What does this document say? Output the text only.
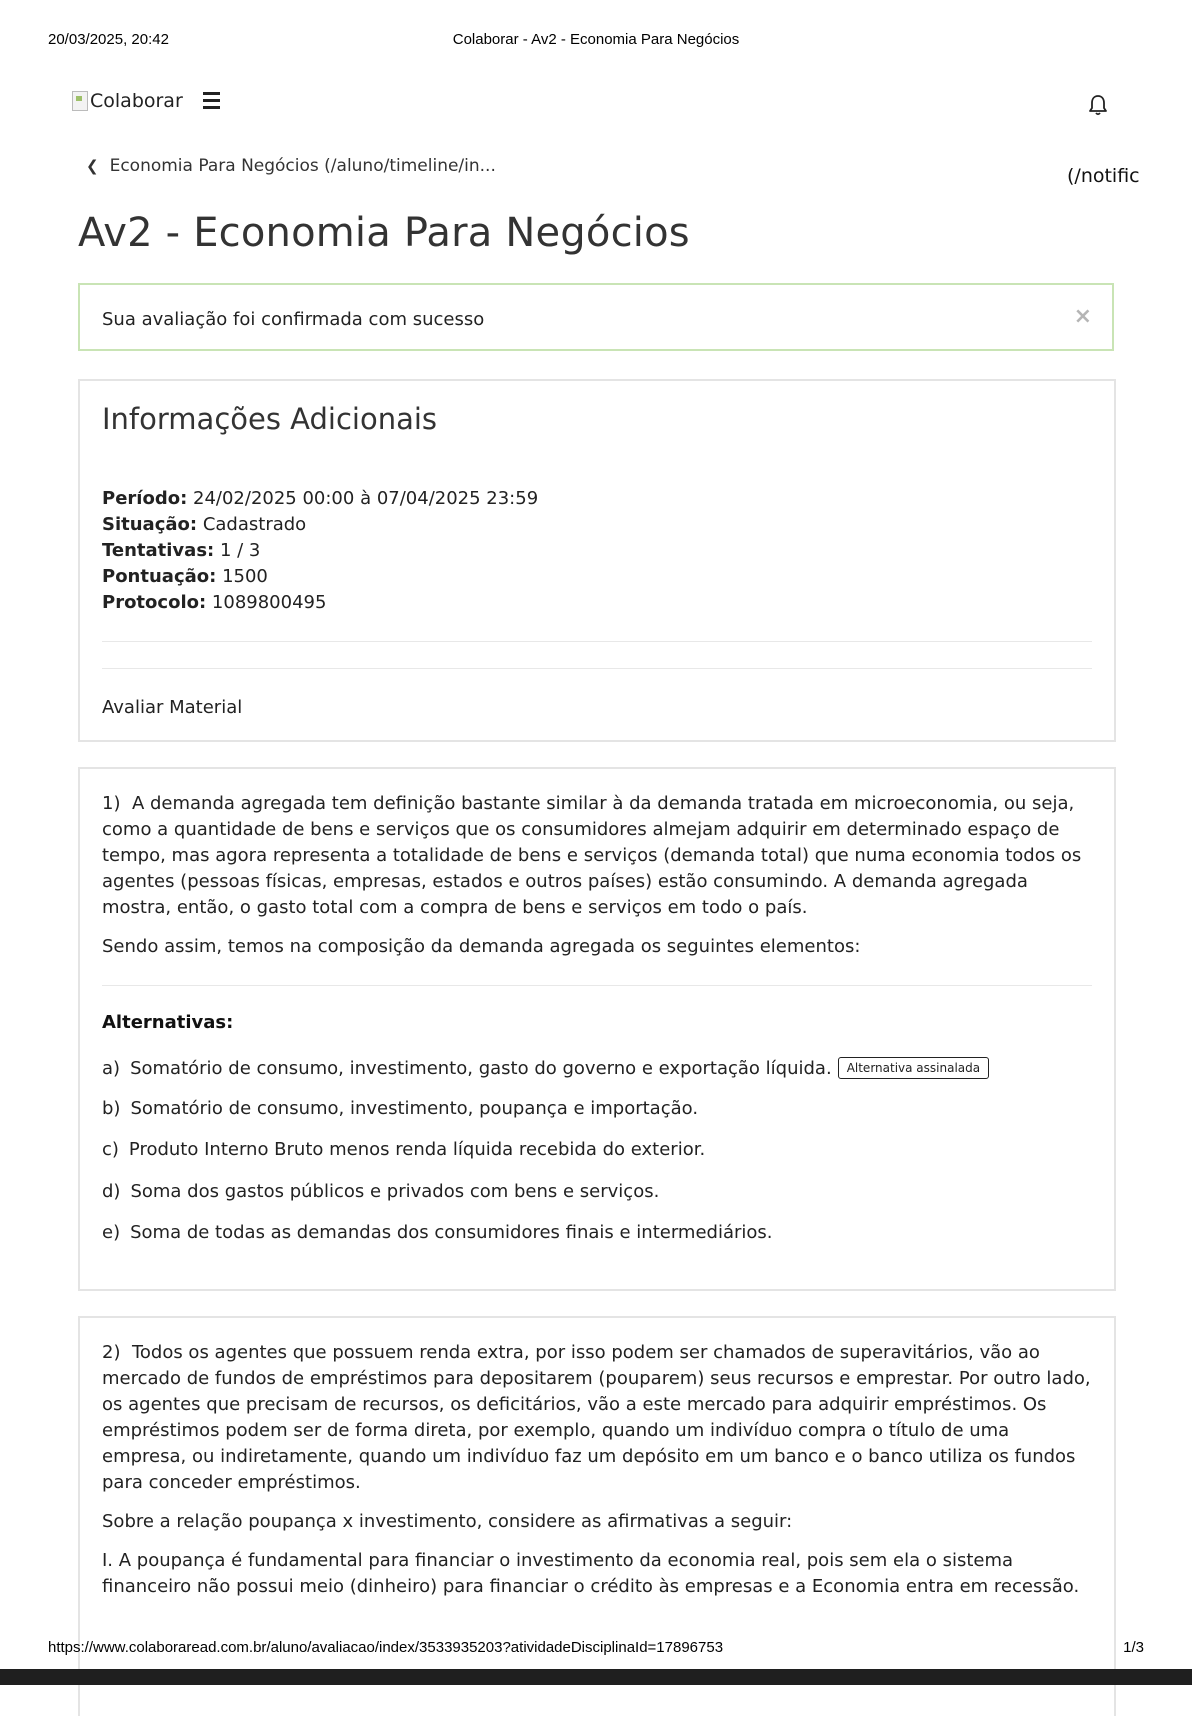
20/03/2025, 20:42	Colaborar - Av2 - Economia Para Negócios
Colaborar
❮ Economia Para Negócios (/aluno/timeline/in...	(/notific
Av2 - Economia Para Negócios
Sua avaliação foi confirmada com sucesso	×
Informações Adicionais
Período: 24/02/2025 00:00 à 07/04/2025 23:59
Situação: Cadastrado
Tentativas: 1 / 3
Pontuação: 1500
Protocolo: 1089800495
Avaliar Material

1) A demanda agregada tem definição bastante similar à da demanda tratada em microeconomia, ou seja, como a quantidade de bens e serviços que os consumidores almejam adquirir em determinado espaço de tempo, mas agora representa a totalidade de bens e serviços (demanda total) que numa economia todos os agentes (pessoas físicas, empresas, estados e outros países) estão consumindo. A demanda agregada mostra, então, o gasto total com a compra de bens e serviços em todo o país.

Sendo assim, temos na composição da demanda agregada os seguintes elementos:

Alternativas:
a) Somatório de consumo, investimento, gasto do governo e exportação líquida.	Alternativa assinalada
b) Somatório de consumo, investimento, poupança e importação.
c) Produto Interno Bruto menos renda líquida recebida do exterior.
d) Soma dos gastos públicos e privados com bens e serviços.
e) Soma de todas as demandas dos consumidores finais e intermediários.

2) Todos os agentes que possuem renda extra, por isso podem ser chamados de superavitários, vão ao mercado de fundos de empréstimos para depositarem (pouparem) seus recursos e emprestar. Por outro lado, os agentes que precisam de recursos, os deficitários, vão a este mercado para adquirir empréstimos. Os empréstimos podem ser de forma direta, por exemplo, quando um indivíduo compra o título de uma empresa, ou indiretamente, quando um indivíduo faz um depósito em um banco e o banco utiliza os fundos para conceder empréstimos.

Sobre a relação poupança x investimento, considere as afirmativas a seguir:

I. A poupança é fundamental para financiar o investimento da economia real, pois sem ela o sistema financeiro não possui meio (dinheiro) para financiar o crédito às empresas e a Economia entra em recessão.

https://www.colaboraread.com.br/aluno/avaliacao/index/3533935203?atividadeDisciplinaId=17896753	1/3
